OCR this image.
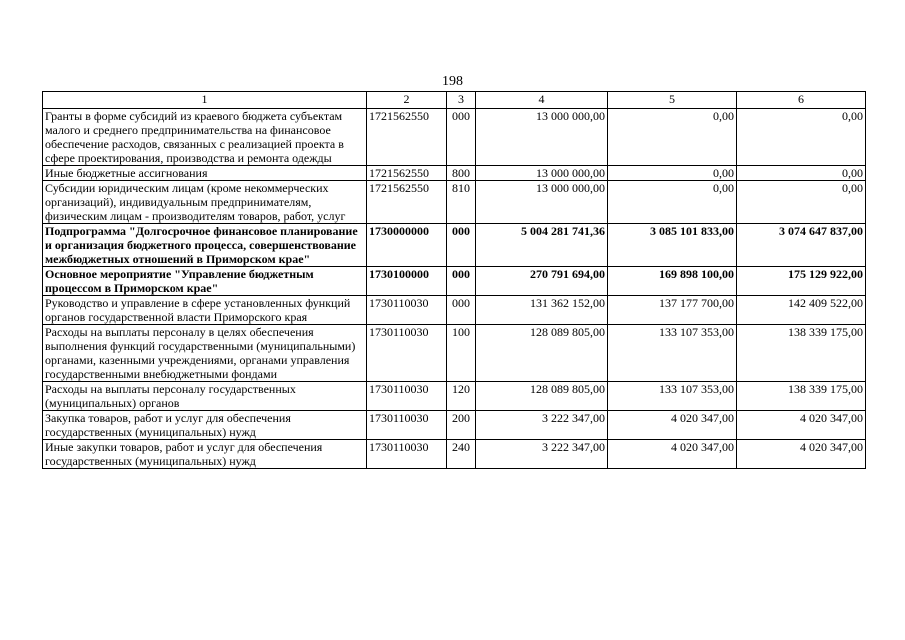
198
1	2	3	4	5	6
Гранты в форме субсидий из краевого бюджета субъектам малого и среднего предпринимательства на финансовое обеспечение расходов, связанных с реализацией проекта в сфере проектирования, производства и ремонта одежды	1721562550	000	13 000 000,00	0,00	0,00
Иные бюджетные ассигнования	1721562550	800	13 000 000,00	0,00	0,00
Субсидии юридическим лицам (кроме некоммерческих организаций), индивидуальным предпринимателям, физическим лицам - производителям товаров, работ, услуг	1721562550	810	13 000 000,00	0,00	0,00
Подпрограмма "Долгосрочное финансовое планирование и организация бюджетного процесса, совершенствование межбюджетных отношений в Приморском крае"	1730000000	000	5 004 281 741,36	3 085 101 833,00	3 074 647 837,00
Основное мероприятие "Управление бюджетным процессом в Приморском крае"	1730100000	000	270 791 694,00	169 898 100,00	175 129 922,00
Руководство и управление в сфере установленных функций органов государственной власти Приморского края	1730110030	000	131 362 152,00	137 177 700,00	142 409 522,00
Расходы на выплаты персоналу в целях обеспечения выполнения функций государственными (муниципальными) органами, казенными учреждениями, органами управления государственными внебюджетными фондами	1730110030	100	128 089 805,00	133 107 353,00	138 339 175,00
Расходы на выплаты персоналу государственных (муниципальных) органов	1730110030	120	128 089 805,00	133 107 353,00	138 339 175,00
Закупка товаров, работ и услуг для обеспечения государственных (муниципальных) нужд	1730110030	200	3 222 347,00	4 020 347,00	4 020 347,00
Иные закупки товаров, работ и услуг для обеспечения государственных (муниципальных) нужд	1730110030	240	3 222 347,00	4 020 347,00	4 020 347,00
